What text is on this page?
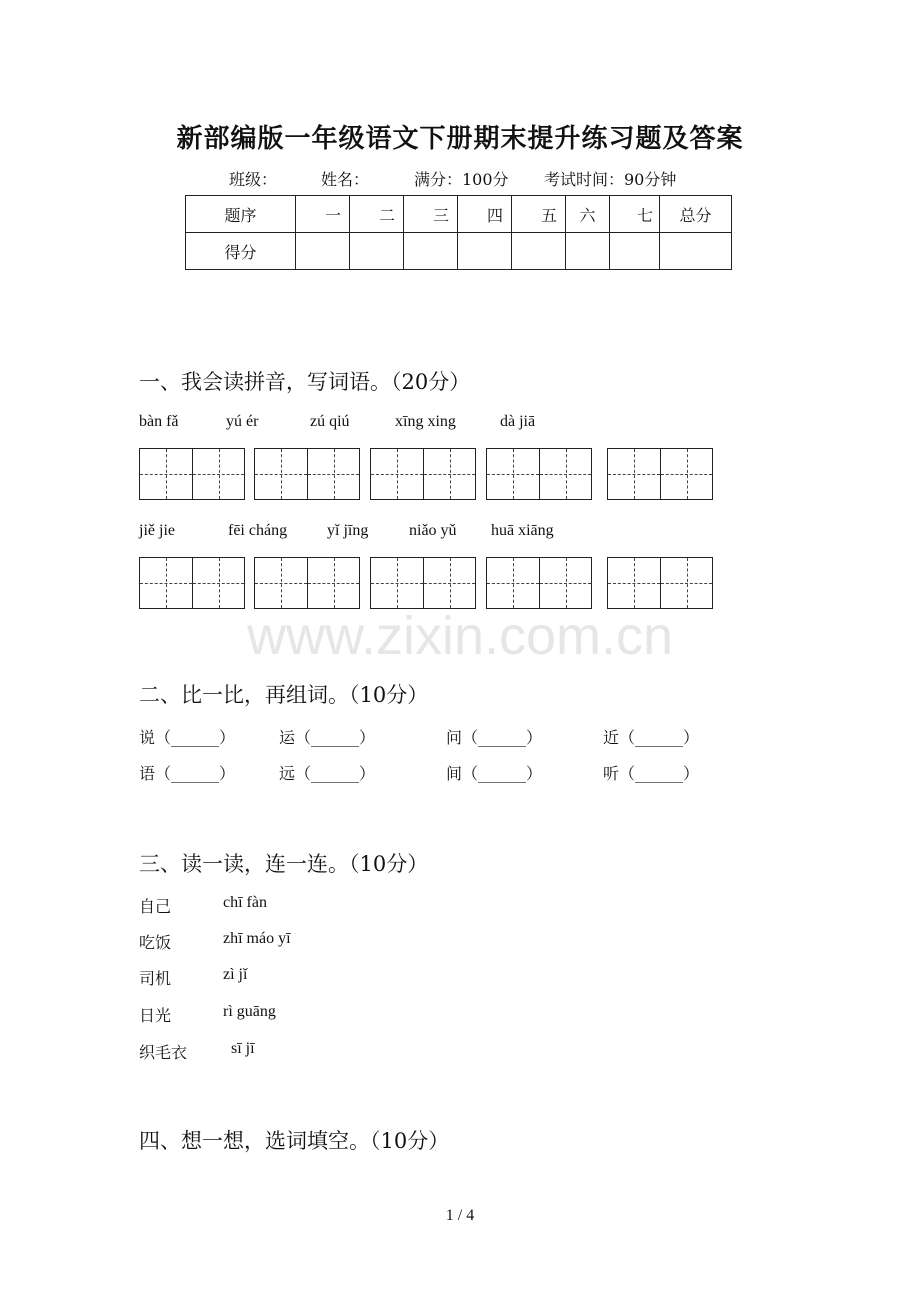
新部编版一年级语文下册期末提升练习题及答案
班级：	姓名：	满分：100分 考试时间：90分钟
题序	一	二	三	四	五	六	七	总分
得分								
一、我会读拼音，写词语。（20分）
bàn fǎ	yú ér	zú qiú	xīng xing	dà jiā
jiě jie	fēi cháng yǐ jīng	niǎo yǔ huā xiāng
www.zixin.com.cn
二、比一比，再组词。（10分）
说（______）	运（______）	问（______）	近（______）
语（______）	远（______）	间（______）	听（______）
三、读一读，连一连。（10分）
自己	chī fàn
吃饭	zhī máo yī
司机	zì jǐ
日光	rì guāng
织毛衣	sī jī
四、想一想，选词填空。（10分）
1 / 4
